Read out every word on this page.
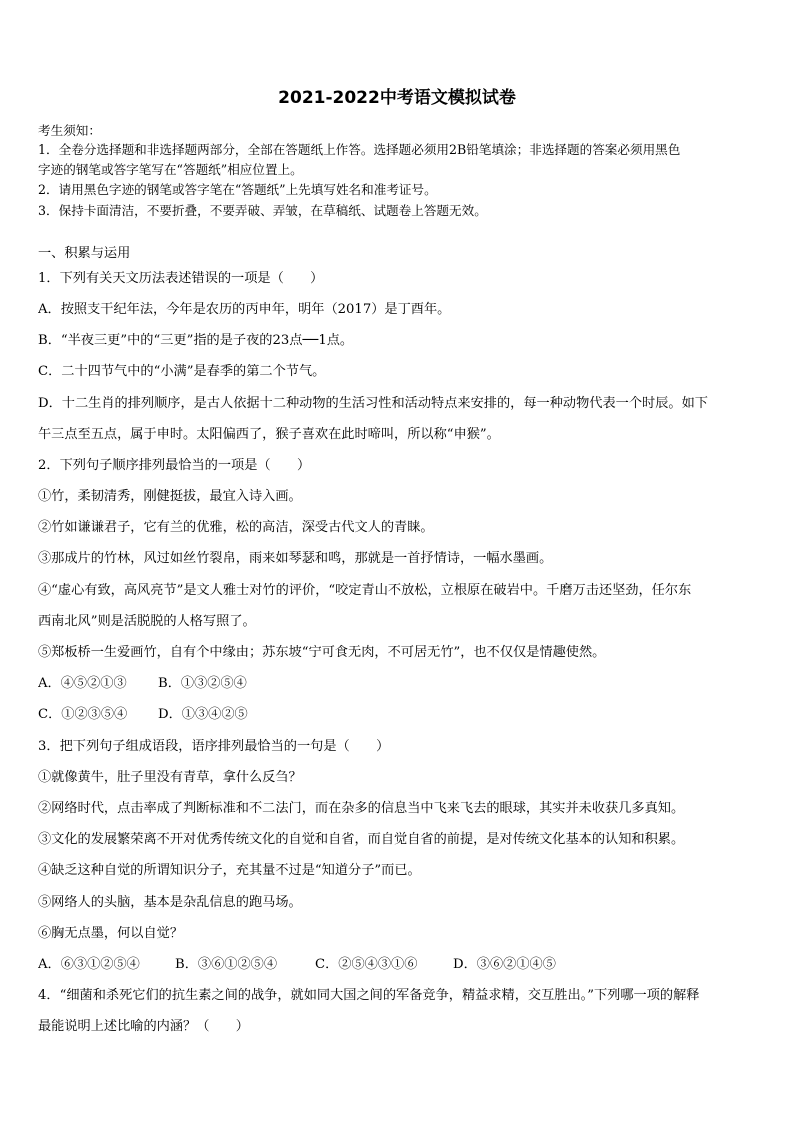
2021-2022中考语文模拟试卷
考生须知：
1．全卷分选择题和非选择题两部分，全部在答题纸上作答。选择题必须用2B铅笔填涂；非选择题的答案必须用黑色
字迹的钢笔或答字笔写在“答题纸”相应位置上。
2．请用黑色字迹的钢笔或答字笔在“答题纸”上先填写姓名和准考证号。
3．保持卡面清洁，不要折叠，不要弄破、弄皱，在草稿纸、试题卷上答题无效。
一、积累与运用
1．下列有关天文历法表述错误的一项是（　　）
A．按照支干纪年法，今年是农历的丙申年，明年（2017）是丁酉年。
B．“半夜三更”中的“三更”指的是子夜的23点──1点。
C．二十四节气中的“小满”是春季的第二个节气。
D．十二生肖的排列顺序，是古人依据十二种动物的生活习性和活动特点来安排的，每一种动物代表一个时辰。如下
午三点至五点，属于申时。太阳偏西了，猴子喜欢在此时啼叫，所以称“申猴”。
2．下列句子顺序排列最恰当的一项是（　　）
①竹，柔韧清秀，刚健挺拔，最宜入诗入画。
②竹如谦谦君子，它有兰的优雅，松的高洁，深受古代文人的青睐。
③那成片的竹林，风过如丝竹裂帛，雨来如琴瑟和鸣，那就是一首抒情诗，一幅水墨画。
④“虚心有致，高风亮节”是文人雅士对竹的评价，“咬定青山不放松，立根原在破岩中。千磨万击还坚劲，任尔东
西南北风”则是活脱脱的人格写照了。
⑤郑板桥一生爱画竹，自有个中缘由；苏东坡“宁可食无肉，不可居无竹”，也不仅仅是情趣使然。
A．④⑤②①③ B．①③②⑤④
C．①②③⑤④ D．①③④②⑤
3．把下列句子组成语段，语序排列最恰当的一句是（　　）
①就像黄牛，肚子里没有青草，拿什么反刍？
②网络时代，点击率成了判断标准和不二法门，而在杂多的信息当中飞来飞去的眼球，其实并未收获几多真知。
③文化的发展繁荣离不开对优秀传统文化的自觉和自省，而自觉自省的前提，是对传统文化基本的认知和积累。
④缺乏这种自觉的所谓知识分子，充其量不过是“知道分子”而已。
⑤网络人的头脑，基本是杂乱信息的跑马场。
⑥胸无点墨，何以自觉？
A．⑥③①②⑤④	B．③⑥①②⑤④	C．②⑤④③①⑥	D．③⑥②①④⑤
4．“细菌和杀死它们的抗生素之间的战争，就如同大国之间的军备竞争，精益求精，交互胜出。”下列哪一项的解释
最能说明上述比喻的内涵？（　　）
